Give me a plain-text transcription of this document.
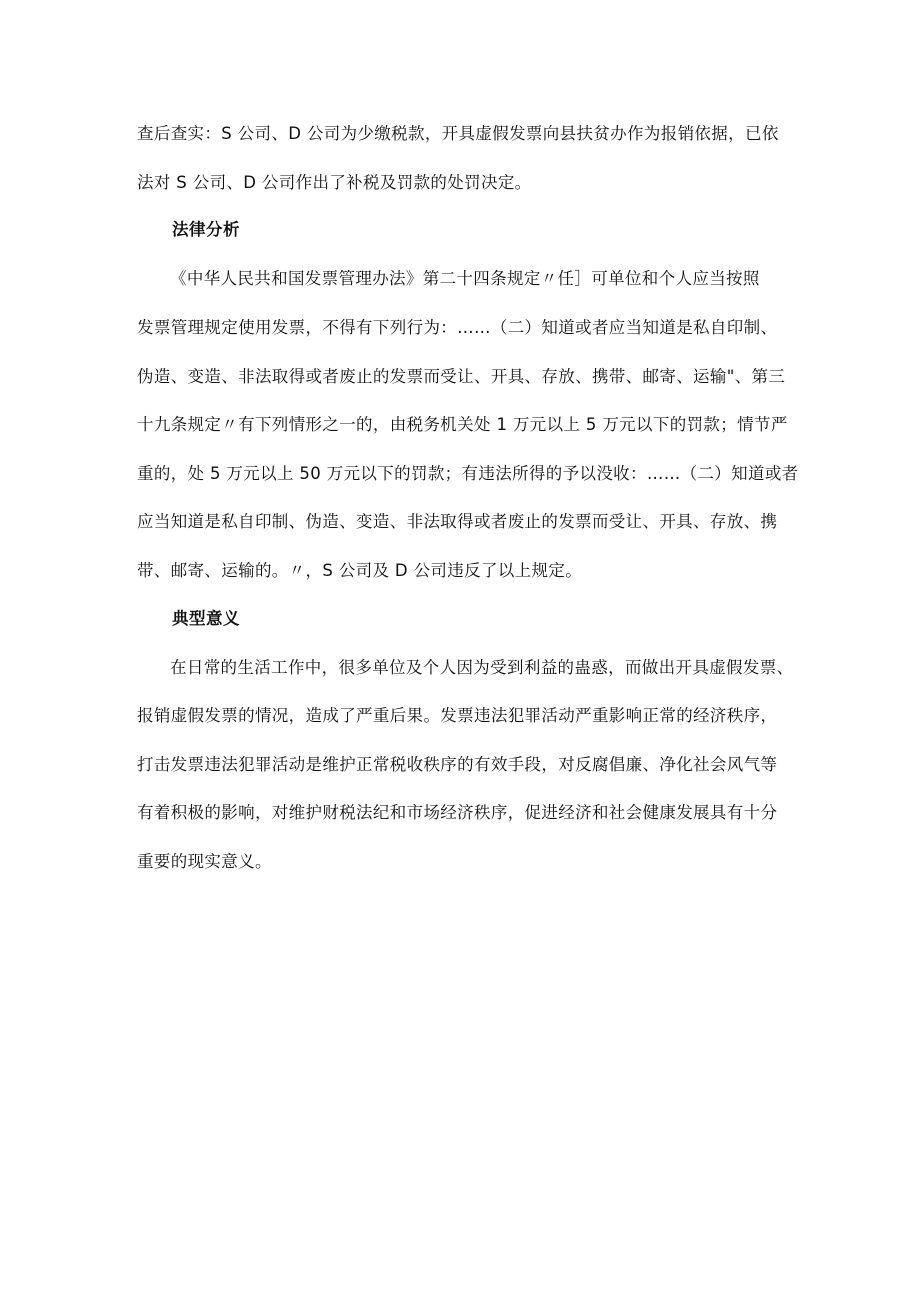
查后查实：S 公司、D 公司为少缴税款，开具虚假发票向县扶贫办作为报销依据，已依
法对 S 公司、D 公司作出了补税及罚款的处罚决定。
法律分析
《中华人民共和国发票管理办法》第二十四条规定〃任］可单位和个人应当按照
发票管理规定使用发票，不得有下列行为：……（二）知道或者应当知道是私自印制、
伪造、变造、非法取得或者废止的发票而受让、开具、存放、携带、邮寄、运输"、第三
十九条规定〃有下列情形之一的，由税务机关处 1 万元以上 5 万元以下的罚款；情节严
重的，处 5 万元以上 50 万元以下的罚款；有违法所得的予以没收：……（二）知道或者
应当知道是私自印制、伪造、变造、非法取得或者废止的发票而受让、开具、存放、携
带、邮寄、运输的。〃，S 公司及 D 公司违反了以上规定。
典型意义
在日常的生活工作中，很多单位及个人因为受到利益的蛊惑，而做出开具虚假发票、
报销虚假发票的情况，造成了严重后果。发票违法犯罪活动严重影响正常的经济秩序，
打击发票违法犯罪活动是维护正常税收秩序的有效手段，对反腐倡廉、净化社会风气等
有着积极的影响，对维护财税法纪和市场经济秩序，促进经济和社会健康发展具有十分
重要的现实意义。
